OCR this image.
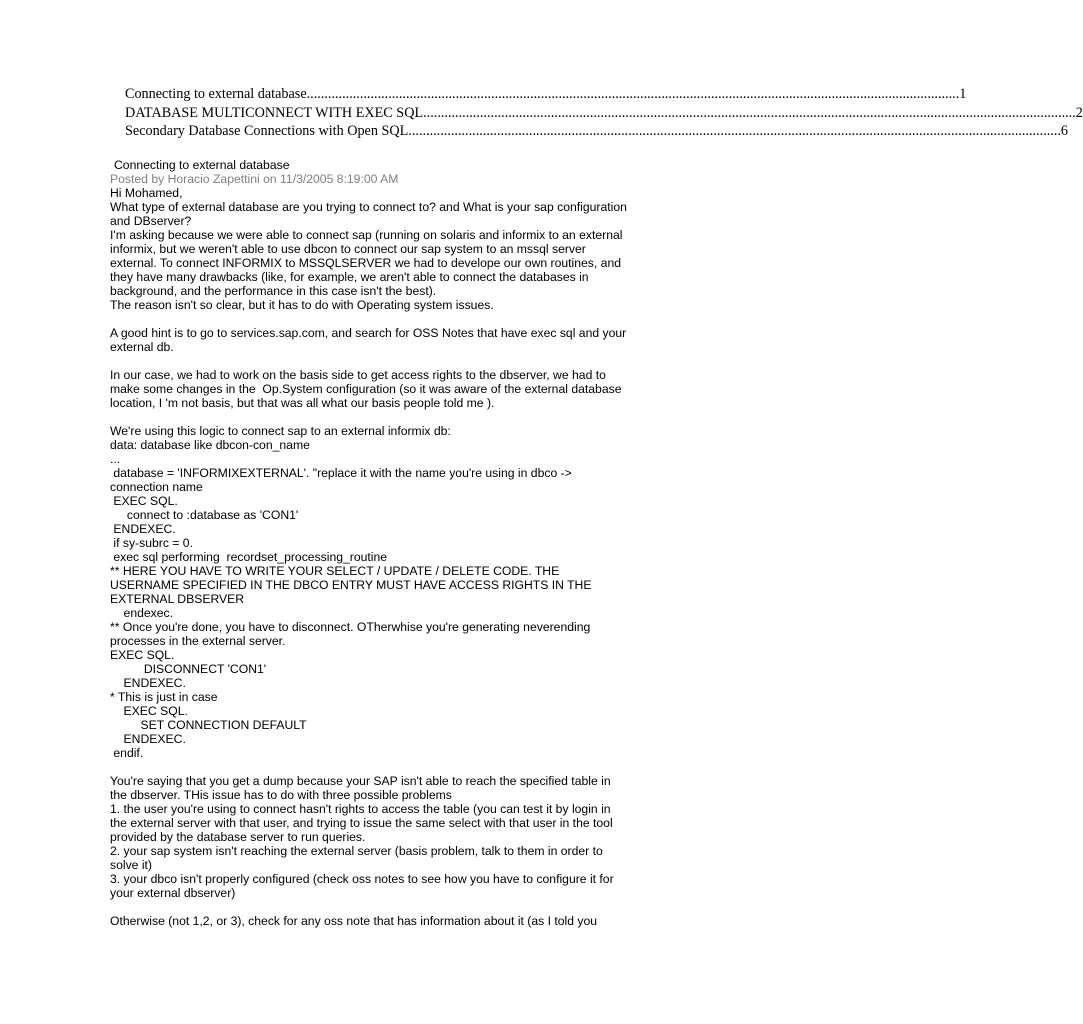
Connecting to external database ........................................................................................................................................................................................ 1
DATABASE MULTICONNECT WITH EXEC SQL ........................................................................................................................................................................................ 2
Secondary Database Connections with Open SQL ........................................................................................................................................................................................ 6
Connecting to external database
Posted by Horacio Zapettini on 11/3/2005 8:19:00 AM
Hi Mohamed,
What type of external database are you trying to connect to? and What is your sap configuration
and DBserver?
I'm asking because we were able to connect sap (running on solaris and informix to an external
informix, but we weren't able to use dbcon to connect our sap system to an mssql server
external. To connect INFORMIX to MSSQLSERVER we had to develope our own routines, and
they have many drawbacks (like, for example, we aren't able to connect the databases in
background, and the performance in this case isn't the best).
The reason isn't so clear, but it has to do with Operating system issues.
A good hint is to go to services.sap.com, and search for OSS Notes that have exec sql and your
external db.
In our case, we had to work on the basis side to get access rights to the dbserver, we had to
make some changes in the  Op.System configuration (so it was aware of the external database
location, I 'm not basis, but that was all what our basis people told me ).
We're using this logic to connect sap to an external informix db:
data: database like dbcon-con_name
...
database = 'INFORMIXEXTERNAL'. "replace it with the name you're using in dbco ->
connection name
EXEC SQL.
connect to :database as 'CON1'
ENDEXEC.
if sy-subrc = 0.
exec sql performing  recordset_processing_routine
** HERE YOU HAVE TO WRITE YOUR SELECT / UPDATE / DELETE CODE. THE
USERNAME SPECIFIED IN THE DBCO ENTRY MUST HAVE ACCESS RIGHTS IN THE
EXTERNAL DBSERVER
endexec.
** Once you're done, you have to disconnect. OTherwhise you're generating neverending
processes in the external server.
EXEC SQL.
DISCONNECT 'CON1'
ENDEXEC.
* This is just in case
EXEC SQL.
SET CONNECTION DEFAULT
ENDEXEC.
endif.
You're saying that you get a dump because your SAP isn't able to reach the specified table in
the dbserver. THis issue has to do with three possible problems
1. the user you're using to connect hasn't rights to access the table (you can test it by login in
the external server with that user, and trying to issue the same select with that user in the tool
provided by the database server to run queries.
2. your sap system isn't reaching the external server (basis problem, talk to them in order to
solve it)
3. your dbco isn't properly configured (check oss notes to see how you have to configure it for
your external dbserver)
Otherwise (not 1,2, or 3), check for any oss note that has information about it (as I told you
